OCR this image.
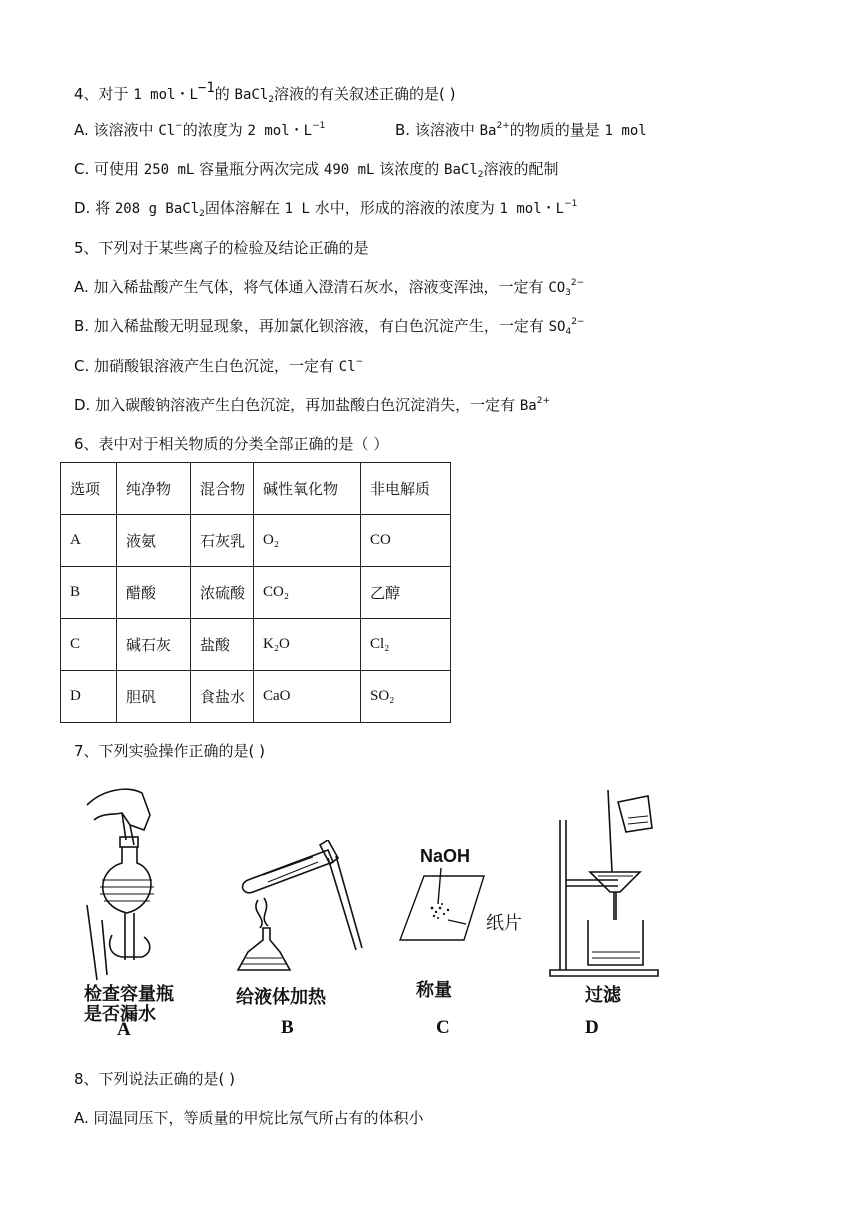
4、对于 1 mol・$L^{-1}$的 BaCl$_2$溶液的有关叙述正确的是( )
A. 该溶液中 Cl−的浓度为 2 mol・$L^{-1}$	B. 该溶液中 $Ba^{2+}$的物质的量是 1 mol
C. 可使用 250 mL 容量瓶分两次完成 490 mL 该浓度的 BaCl$_2$溶液的配制
D. 将 208 g BaCl$_2$固体溶解在 1 L 水中，形成的溶液的浓度为 1 mol・$L^{-1}$
5、下列对于某些离子的检验及结论正确的是
A. 加入稀盐酸产生气体，将气体通入澄清石灰水，溶液变浑浊，一定有 $CO_3^{2-}$
B. 加入稀盐酸无明显现象，再加氯化钡溶液，有白色沉淀产生，一定有 $SO_4^{2-}$
C. 加硝酸银溶液产生白色沉淀，一定有 Cl−
D. 加入碳酸钠溶液产生白色沉淀，再加盐酸白色沉淀消失，一定有 $Ba^{2+}$
6、表中对于相关物质的分类全部正确的是（ ）
选项	纯净物	混合物	碱性氧化物	非电解质
A	液氨	石灰乳	O₂	CO
B	醋酸	浓硫酸	CO₂	乙醇
C	碱石灰	盐酸	K₂O	Cl₂
D	胆矾	食盐水	CaO	SO₂
7、下列实验操作正确的是( )
检查容量瓶
是否漏水
A
给液体加热
B
NaOH
纸片
称量
C
过滤
D
8、下列说法正确的是( )
A. 同温同压下，等质量的甲烷比氖气所占有的体积小
